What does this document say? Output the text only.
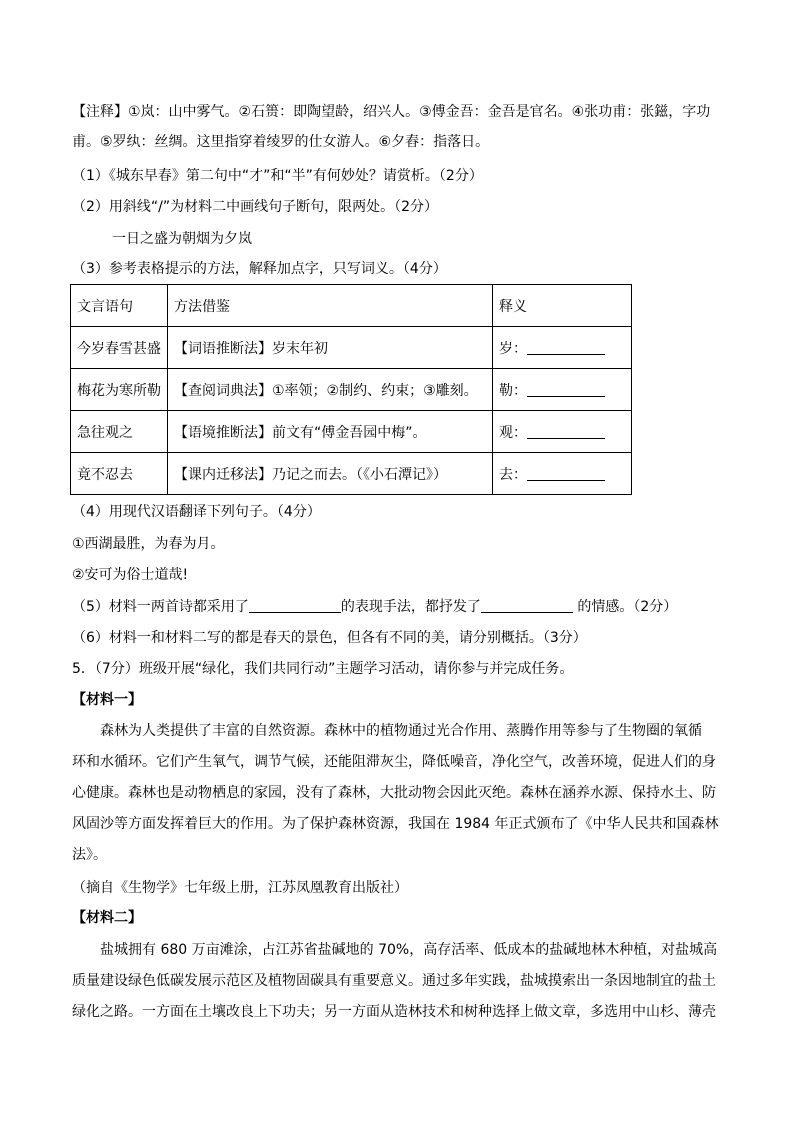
【注释】①岚：山中雾气。②石篑：即陶望龄，绍兴人。③傅金吾：金吾是官名。④张功甫：张鎡，字功
甫。⑤罗纨：丝绸。这里指穿着绫罗的仕女游人。⑥夕舂：指落日。
（1）《城东早春》第二句中“才”和“半”有何妙处？请赏析。（2分）
（2）用斜线“/”为材料二中画线句子断句，限两处。（2分）
一日之盛为朝烟为夕岚
（3）参考表格提示的方法，解释加点字，只写词义。（4分）
文言语句	方法借鉴	释义
今岁春雪甚盛	【词语推断法】岁末年初	岁：
梅花为寒所勒	【查阅词典法】①率领；②制约、约束；③雕刻。	勒：
急往观之	【语境推断法】前文有“傅金吾园中梅”。	观：
竟不忍去	【课内迁移法】乃记之而去。（《小石潭记》）	去：
（4）用现代汉语翻译下列句子。（4分）
①西湖最胜，为春为月。
②安可为俗士道哉!
（5）材料一两首诗都采用了	的表现手法，都抒发了	的情感。（2分）
（6）材料一和材料二写的都是春天的景色，但各有不同的美，请分别概括。（3分）
5．（7分）班级开展“绿化，我们共同行动”主题学习活动，请你参与并完成任务。
【材料一】
森林为人类提供了丰富的自然资源。森林中的植物通过光合作用、蒸腾作用等参与了生物圈的氧循
环和水循环。它们产生氧气，调节气候，还能阻滞灰尘，降低噪音，净化空气，改善环境，促进人们的身
心健康。森林也是动物栖息的家园，没有了森林，大批动物会因此灭绝。森林在涵养水源、保持水土、防
风固沙等方面发挥着巨大的作用。为了保护森林资源，我国在 1984 年正式颁布了《中华人民共和国森林
法》。
（摘自《生物学》七年级上册，江苏凤凰教育出版社）
【材料二】
盐城拥有 680 万亩滩涂，占江苏省盐碱地的 70%，高存活率、低成本的盐碱地林木种植，对盐城高
质量建设绿色低碳发展示范区及植物固碳具有重要意义。通过多年实践，盐城摸索出一条因地制宜的盐土
绿化之路。一方面在土壤改良上下功夫；另一方面从造林技术和树种选择上做文章，多选用中山杉、薄壳
